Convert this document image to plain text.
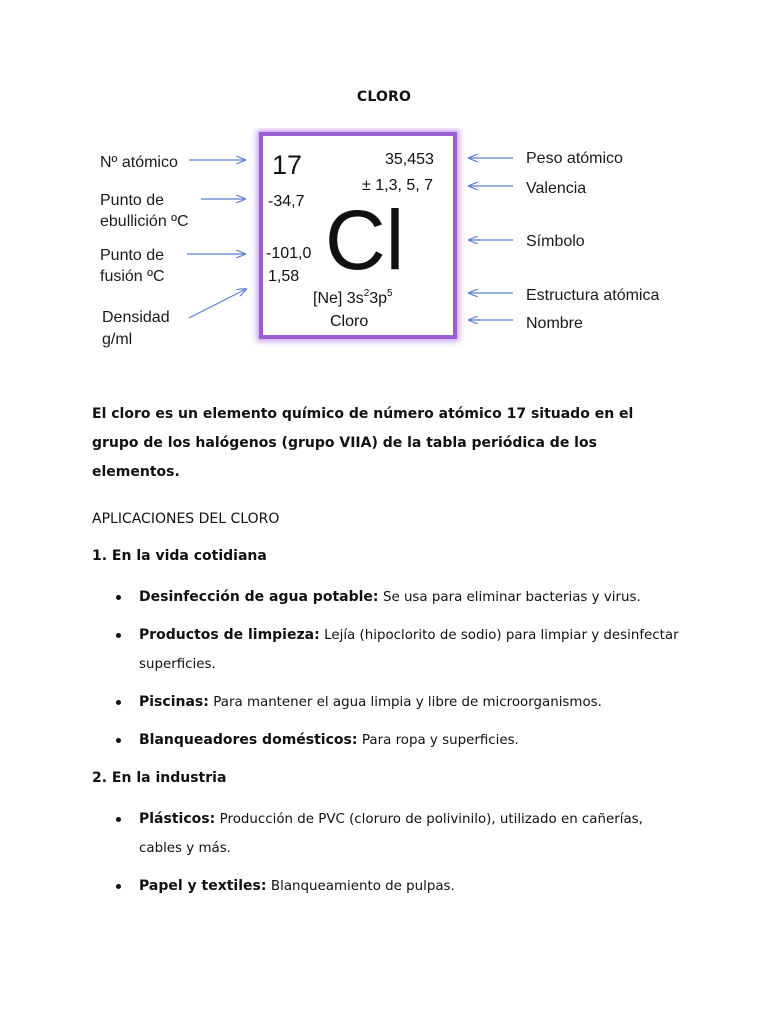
CLORO
17	35,453
± 1,3, 5, 7
-34,7
-101,0
1,58 Cl
[Ne] $3s^23p^5$
Cloro
Nº atómico
Punto de
ebullición ºC
Punto de
fusión ºC
Densidad
g/ml
Peso atómico
Valencia
Símbolo
Estructura atómica
Nombre

El cloro es un elemento químico de número atómico 17 situado en el grupo de los halógenos (grupo VIIA) de la tabla periódica de los elementos.

APLICACIONES DEL CLORO

1. En la vida cotidiana

Desinfección de agua potable: Se usa para eliminar bacterias y virus.
Productos de limpieza: Lejía (hipoclorito de sodio) para limpiar y desinfectar superficies.
Piscinas: Para mantener el agua limpia y libre de microorganismos.
Blanqueadores domésticos: Para ropa y superficies.

2. En la industria

Plásticos: Producción de PVC (cloruro de polivinilo), utilizado en cañerías, cables y más.
Papel y textiles: Blanqueamiento de pulpas.
